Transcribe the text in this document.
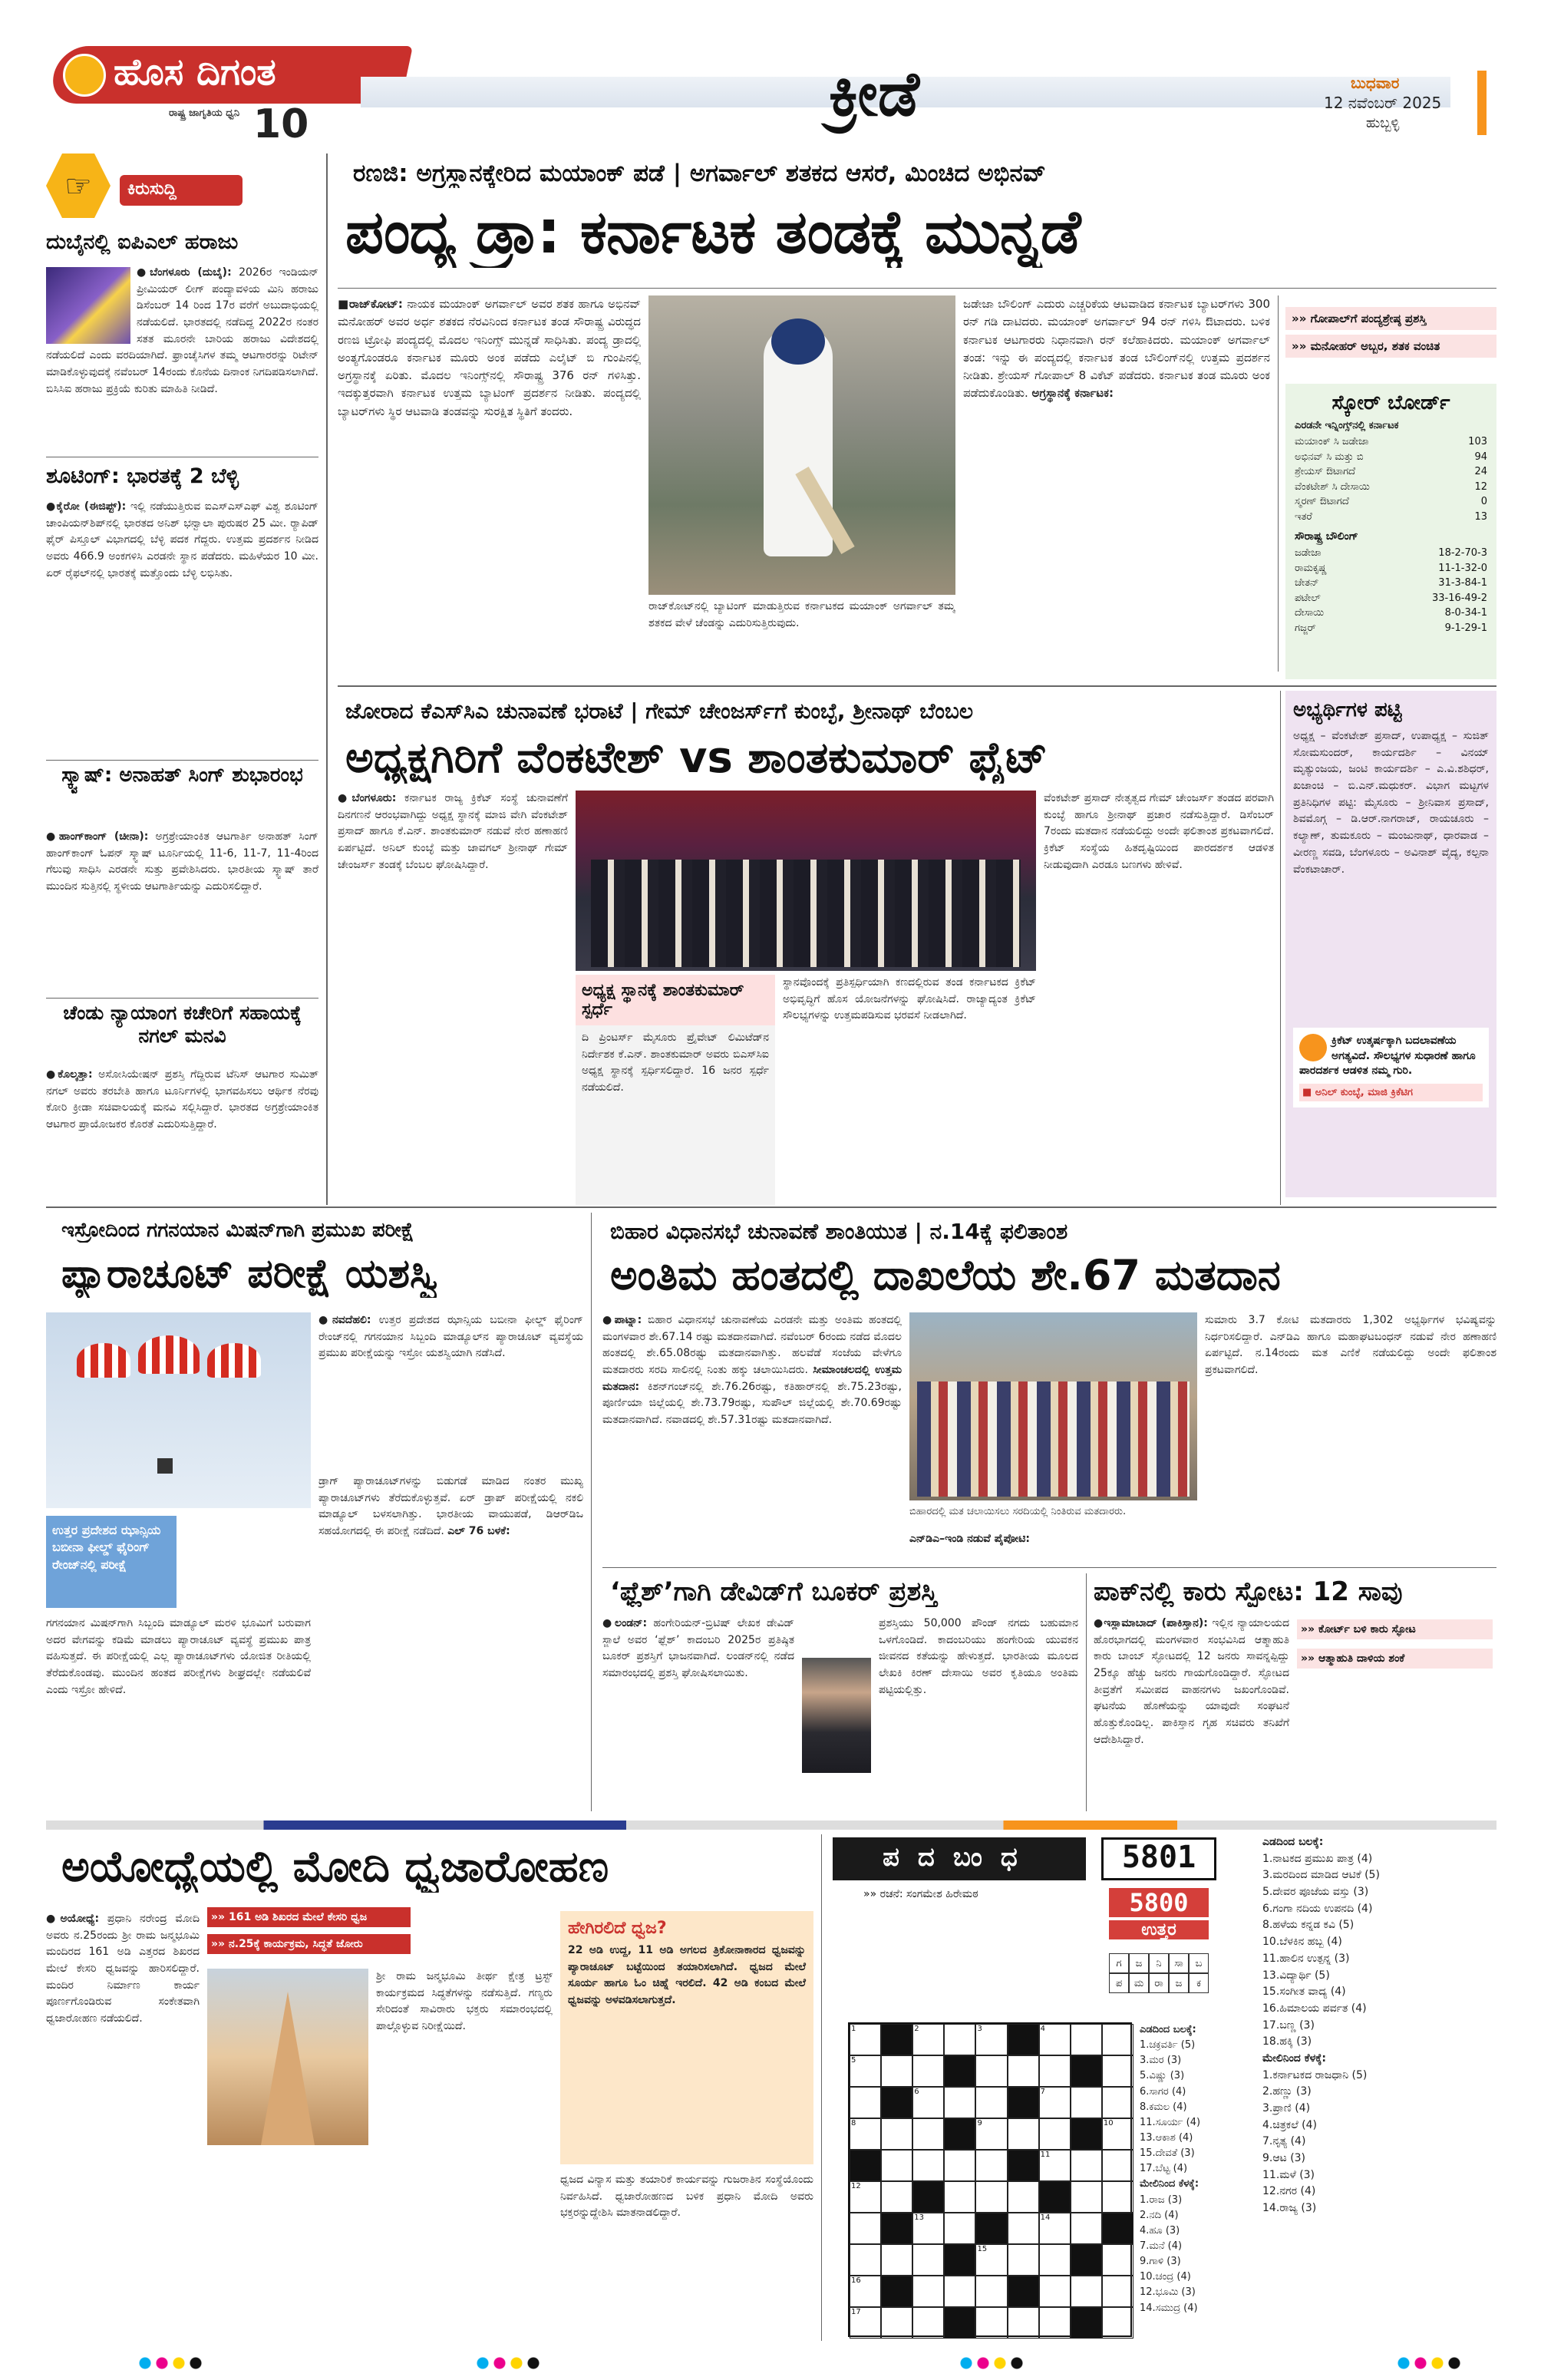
ಹೊಸ ದಿಗಂತ
ರಾಷ್ಟ್ರ ಜಾಗೃತಿಯ ಧ್ವನಿ 10	ಕ್ರೀಡೆ	ಬುಧವಾರ
12 ನವೆಂಬರ್ 2025
ಹುಬ್ಬಳ್ಳಿ
☞	ಕಿರುಸುದ್ದಿ
ದುಬೈನಲ್ಲಿ ಐಪಿಎಲ್ ಹರಾಜು
●ಬೆಂಗಳೂರು (ದುಬೈ): 2026ರ ಇಂಡಿಯನ್ ಪ್ರೀಮಿಯರ್ ಲೀಗ್ ಪಂದ್ಯಾವಳಿಯ ಮಿನಿ ಹರಾಜು ಡಿಸೆಂಬರ್ 14 ರಿಂದ 17ರ ವರೆಗೆ ಅಬುದಾಭಿಯಲ್ಲಿ ನಡೆಯಲಿದೆ. ಭಾರತದಲ್ಲಿ ನಡೆದಿದ್ದ 2022ರ ನಂತರ ಸತತ ಮೂರನೇ ಬಾರಿಯ ಹರಾಜು ವಿದೇಶದಲ್ಲಿ ನಡೆಯಲಿದೆ ಎಂದು ವರದಿಯಾಗಿದೆ. ಫ್ರಾಂಚೈಸಿಗಳ ತಮ್ಮ ಆಟಗಾರರನ್ನು ರಿಟೇನ್ ಮಾಡಿಕೊಳ್ಳುವುದಕ್ಕೆ ನವೆಂಬರ್ 14ರಂದು ಕೊನೆಯ ದಿನಾಂಕ ನಿಗದಿಪಡಿಸಲಾಗಿದೆ. ಬಿಸಿಸಿಐ ಹರಾಜು ಪ್ರಕ್ರಿಯೆ ಕುರಿತು ಮಾಹಿತಿ ನೀಡಿದೆ.
ಶೂಟಿಂಗ್: ಭಾರತಕ್ಕೆ 2 ಬೆಳ್ಳಿ
●ಕೈರೋ (ಈಜಿಪ್ಟ್): ಇಲ್ಲಿ ನಡೆಯುತ್ತಿರುವ ಐಎಸ್‌ಎಸ್‌ಎಫ್ ವಿಶ್ವ ಶೂಟಿಂಗ್ ಚಾಂಪಿಯನ್‌ಶಿಪ್‌ನಲ್ಲಿ ಭಾರತದ ಅನಿಶ್ ಭನ್ವಾಲಾ ಪುರುಷರ 25 ಮೀ. ರ‍್ಯಾಪಿಡ್ ಫೈರ್ ಪಿಸ್ತೂಲ್ ವಿಭಾಗದಲ್ಲಿ ಬೆಳ್ಳಿ ಪದಕ ಗೆದ್ದರು. ಉತ್ತಮ ಪ್ರದರ್ಶನ ನೀಡಿದ ಅವರು 466.9 ಅಂಕಗಳಿಸಿ ಎರಡನೇ ಸ್ಥಾನ ಪಡೆದರು. ಮಹಿಳೆಯರ 10 ಮೀ. ಏರ್ ರೈಫಲ್‌ನಲ್ಲಿ ಭಾರತಕ್ಕೆ ಮತ್ತೊಂದು ಬೆಳ್ಳಿ ಲಭಿಸಿತು.
ಸ್ಕ್ವಾಷ್: ಅನಾಹತ್ ಸಿಂಗ್ ಶುಭಾರಂಭ
●ಹಾಂಗ್‌ಕಾಂಗ್ (ಚೀನಾ): ಅಗ್ರಶ್ರೇಯಾಂಕಿತ ಆಟಗಾರ್ತಿ ಅನಾಹತ್ ಸಿಂಗ್ ಹಾಂಗ್‌ಕಾಂಗ್ ಓಪನ್ ಸ್ಕ್ವಾಷ್ ಟೂರ್ನಿಯಲ್ಲಿ 11-6, 11-7, 11-4ರಿಂದ ಗೆಲುವು ಸಾಧಿಸಿ ಎರಡನೇ ಸುತ್ತು ಪ್ರವೇಶಿಸಿದರು. ಭಾರತೀಯ ಸ್ಕ್ವಾಷ್ ತಾರೆ ಮುಂದಿನ ಸುತ್ತಿನಲ್ಲಿ ಸ್ಥಳೀಯ ಆಟಗಾರ್ತಿಯನ್ನು ಎದುರಿಸಲಿದ್ದಾರೆ.
ಚೆಂಡು ನ್ಯಾಯಾಂಗ ಕಚೇರಿಗೆ ಸಹಾಯಕ್ಕೆ ನಗಲ್ ಮನವಿ
●ಕೊಲ್ಕತ್ತಾ: ಅಸೋಸಿಯೇಷನ್ ಪ್ರಶಸ್ತಿ ಗೆದ್ದಿರುವ ಟೆನಿಸ್ ಆಟಗಾರ ಸುಮಿತ್ ನಗಲ್ ಅವರು ತರಬೇತಿ ಹಾಗೂ ಟೂರ್ನಿಗಳಲ್ಲಿ ಭಾಗವಹಿಸಲು ಆರ್ಥಿಕ ನೆರವು ಕೋರಿ ಕ್ರೀಡಾ ಸಚಿವಾಲಯಕ್ಕೆ ಮನವಿ ಸಲ್ಲಿಸಿದ್ದಾರೆ. ಭಾರತದ ಅಗ್ರಶ್ರೇಯಾಂಕಿತ ಆಟಗಾರ ಪ್ರಾಯೋಜಕರ ಕೊರತೆ ಎದುರಿಸುತ್ತಿದ್ದಾರೆ.
ರಣಜಿ: ಅಗ್ರಸ್ಥಾನಕ್ಕೇರಿದ ಮಯಾಂಕ್ ಪಡೆ | ಅಗರ್ವಾಲ್ ಶತಕದ ಆಸರೆ, ಮಿಂಚಿದ ಅಭಿನವ್
ಪಂದ್ಯ ಡ್ರಾ: ಕರ್ನಾಟಕ ತಂಡಕ್ಕೆ ಮುನ್ನಡೆ
■ರಾಜ್‌ಕೋಟ್: ನಾಯಕ ಮಯಾಂಕ್ ಅಗರ್ವಾಲ್ ಅವರ ಶತಕ ಹಾಗೂ ಅಭಿನವ್ ಮನೋಹರ್ ಅವರ ಅರ್ಧ ಶತಕದ ನೆರವಿನಿಂದ ಕರ್ನಾಟಕ ತಂಡ ಸೌರಾಷ್ಟ್ರ ವಿರುದ್ಧದ ರಣಜಿ ಟ್ರೋಫಿ ಪಂದ್ಯದಲ್ಲಿ ಮೊದಲ ಇನಿಂಗ್ಸ್ ಮುನ್ನಡೆ ಸಾಧಿಸಿತು. ಪಂದ್ಯ ಡ್ರಾದಲ್ಲಿ ಅಂತ್ಯಗೊಂಡರೂ ಕರ್ನಾಟಕ ಮೂರು ಅಂಕ ಪಡೆದು ಎಲೈಟ್ ಬಿ ಗುಂಪಿನಲ್ಲಿ ಅಗ್ರಸ್ಥಾನಕ್ಕೆ ಏರಿತು. ಮೊದಲ ಇನಿಂಗ್ಸ್‌ನಲ್ಲಿ ಸೌರಾಷ್ಟ್ರ 376 ರನ್ ಗಳಿಸಿತ್ತು. ಇದಕ್ಕುತ್ತರವಾಗಿ ಕರ್ನಾಟಕ ಉತ್ತಮ ಬ್ಯಾಟಿಂಗ್ ಪ್ರದರ್ಶನ ನೀಡಿತು. ಪಂದ್ಯದಲ್ಲಿ ಬ್ಯಾಟರ್‌ಗಳು ಸ್ಥಿರ ಆಟವಾಡಿ ತಂಡವನ್ನು ಸುರಕ್ಷಿತ ಸ್ಥಿತಿಗೆ ತಂದರು.
ರಾಜ್‌ಕೋಟ್‌ನಲ್ಲಿ ಬ್ಯಾಟಿಂಗ್ ಮಾಡುತ್ತಿರುವ ಕರ್ನಾಟಕದ ಮಯಾಂಕ್ ಅಗರ್ವಾಲ್ ತಮ್ಮ ಶತಕದ ವೇಳೆ ಚೆಂಡನ್ನು ಎದುರಿಸುತ್ತಿರುವುದು.
ಜಡೇಜಾ ಬೌಲಿಂಗ್ ಎದುರು ಎಚ್ಚರಿಕೆಯ ಆಟವಾಡಿದ ಕರ್ನಾಟಕ ಬ್ಯಾಟರ್‌ಗಳು 300 ರನ್ ಗಡಿ ದಾಟಿದರು. ಮಯಾಂಕ್ ಅಗರ್ವಾಲ್ 94 ರನ್ ಗಳಿಸಿ ಔಟಾದರು. ಬಳಿಕ ಕರ್ನಾಟಕ ಆಟಗಾರರು ನಿಧಾನವಾಗಿ ರನ್ ಕಲೆಹಾಕಿದರು. ಮಯಾಂಕ್ ಅಗರ್ವಾಲ್ ತಂಡ: ಇನ್ನು ಈ ಪಂದ್ಯದಲ್ಲಿ ಕರ್ನಾಟಕ ತಂಡ ಬೌಲಿಂಗ್‌ನಲ್ಲಿ ಉತ್ತಮ ಪ್ರದರ್ಶನ ನೀಡಿತು. ಶ್ರೇಯಸ್ ಗೋಪಾಲ್ 8 ವಿಕೆಟ್ ಪಡೆದರು. ಕರ್ನಾಟಕ ತಂಡ ಮೂರು ಅಂಕ ಪಡೆದುಕೊಂಡಿತು. ಅಗ್ರಸ್ಥಾನಕ್ಕೆ ಕರ್ನಾಟಕ:
»» ಗೋಪಾಲ್‌ಗೆ ಪಂದ್ಯಶ್ರೇಷ್ಠ ಪ್ರಶಸ್ತಿ
»» ಮನೋಹರ್ ಅಬ್ಬರ, ಶತಕ ವಂಚಿತ
ಸ್ಕೋರ್ ಬೋರ್ಡ್
ಎರಡನೇ ಇನ್ನಿಂಗ್ಸ್‌ನಲ್ಲಿ ಕರ್ನಾಟಕ
ಮಯಾಂಕ್ ಸಿ ಜಡೇಜಾ	103
ಅಭಿನವ್ ಸಿ ಮತ್ತು ಬಿ	94
ಶ್ರೇಯಸ್ ಔಟಾಗದೆ	24
ವೆಂಕಟೇಶ್ ಸಿ ದೇಸಾಯಿ	12
ಸ್ಮರಣ್ ಔಟಾಗದೆ	0
ಇತರೆ	13
ಸೌರಾಷ್ಟ್ರ ಬೌಲಿಂಗ್
ಜಡೇಜಾ	18-2-70-3
ರಾಮಕೃಷ್ಣ	11-1-32-0
ಚೇತನ್	31-3-84-1
ಪಟೇಲ್	33-16-49-2
ದೇಸಾಯಿ	8-0-34-1
ಗಜ್ಜರ್	9-1-29-1
ಜೋರಾದ ಕೆಎಸ್‌ಸಿಎ ಚುನಾವಣೆ ಭರಾಟೆ | ಗೇಮ್ ಚೇಂಜರ್ಸ್‌ಗೆ ಕುಂಬ್ಳೆ, ಶ್ರೀನಾಥ್ ಬೆಂಬಲ
ಅಧ್ಯಕ್ಷಗಿರಿಗೆ ವೆಂಕಟೇಶ್ vs ಶಾಂತಕುಮಾರ್ ಫೈಟ್
●ಬೆಂಗಳೂರು: ಕರ್ನಾಟಕ ರಾಜ್ಯ ಕ್ರಿಕೆಟ್ ಸಂಸ್ಥೆ ಚುನಾವಣೆಗೆ ದಿನಗಣನೆ ಆರಂಭವಾಗಿದ್ದು ಅಧ್ಯಕ್ಷ ಸ್ಥಾನಕ್ಕೆ ಮಾಜಿ ವೇಗಿ ವೆಂಕಟೇಶ್ ಪ್ರಸಾದ್ ಹಾಗೂ ಕೆ.ಎನ್. ಶಾಂತಕುಮಾರ್ ನಡುವೆ ನೇರ ಹಣಾಹಣಿ ಏರ್ಪಟ್ಟಿದೆ. ಅನಿಲ್ ಕುಂಬ್ಳೆ ಮತ್ತು ಜಾವಗಲ್ ಶ್ರೀನಾಥ್ ಗೇಮ್ ಚೇಂಜರ್ಸ್ ತಂಡಕ್ಕೆ ಬೆಂಬಲ ಘೋಷಿಸಿದ್ದಾರೆ.
ಅಧ್ಯಕ್ಷ ಸ್ಥಾನಕ್ಕೆ ಶಾಂತಕುಮಾರ್ ಸ್ಪರ್ಧೆ
ದಿ ಪ್ರಿಂಟರ್ಸ್ ಮೈಸೂರು ಪ್ರೈವೇಟ್ ಲಿಮಿಟೆಡ್‌ನ ನಿರ್ದೇಶಕ ಕೆ.ಎನ್. ಶಾಂತಕುಮಾರ್ ಅವರು ಬಿಎಸ್‌ಸಿಐ ಅಧ್ಯಕ್ಷ ಸ್ಥಾನಕ್ಕೆ ಸ್ಪರ್ಧಿಸಲಿದ್ದಾರೆ. 16 ಜನರ ಸ್ಪರ್ಧೆ ನಡೆಯಲಿದೆ.
ಸ್ಥಾನವೊಂದಕ್ಕೆ ಪ್ರತಿಸ್ಪರ್ಧಿಯಾಗಿ ಕಣದಲ್ಲಿರುವ ತಂಡ ಕರ್ನಾಟಕದ ಕ್ರಿಕೆಟ್ ಅಭಿವೃದ್ಧಿಗೆ ಹೊಸ ಯೋಜನೆಗಳನ್ನು ಘೋಷಿಸಿದೆ. ರಾಜ್ಯಾದ್ಯಂತ ಕ್ರಿಕೆಟ್ ಸೌಲಭ್ಯಗಳನ್ನು ಉತ್ತಮಪಡಿಸುವ ಭರವಸೆ ನೀಡಲಾಗಿದೆ.
ವೆಂಕಟೇಶ್ ಪ್ರಸಾದ್ ನೇತೃತ್ವದ ಗೇಮ್ ಚೇಂಜರ್ಸ್ ತಂಡದ ಪರವಾಗಿ ಕುಂಬ್ಳೆ ಹಾಗೂ ಶ್ರೀನಾಥ್ ಪ್ರಚಾರ ನಡೆಸುತ್ತಿದ್ದಾರೆ. ಡಿಸೆಂಬರ್ 7ರಂದು ಮತದಾನ ನಡೆಯಲಿದ್ದು ಅಂದೇ ಫಲಿತಾಂಶ ಪ್ರಕಟವಾಗಲಿದೆ. ಕ್ರಿಕೆಟ್ ಸಂಸ್ಥೆಯ ಹಿತದೃಷ್ಟಿಯಿಂದ ಪಾರದರ್ಶಕ ಆಡಳಿತ ನೀಡುವುದಾಗಿ ಎರಡೂ ಬಣಗಳು ಹೇಳಿವೆ.
ಅಭ್ಯರ್ಥಿಗಳ ಪಟ್ಟಿ
ಅಧ್ಯಕ್ಷ – ವೆಂಕಟೇಶ್ ಪ್ರಸಾದ್, ಉಪಾಧ್ಯಕ್ಷ – ಸುಜಿತ್ ಸೋಮಸುಂದರ್, ಕಾರ್ಯದರ್ಶಿ – ವಿನಯ್ ಮೃತ್ಯುಂಜಯ, ಜಂಟಿ ಕಾರ್ಯದರ್ಶಿ – ಎ.ವಿ.ಶಶಿಧರ್, ಖಜಾಂಚಿ – ಬಿ.ಎನ್.ಮಧುಕರ್. ವಿಭಾಗ ಮಟ್ಟಗಳ ಪ್ರತಿನಿಧಿಗಳ ಪಟ್ಟಿ: ಮೈಸೂರು – ಶ್ರೀನಿವಾಸ ಪ್ರಸಾದ್, ಶಿವಮೊಗ್ಗ – ಡಿ.ಆರ್.ನಾಗರಾಜ್, ರಾಯಚೂರು – ಕಲ್ಯಾಣ್, ತುಮಕೂರು – ಮಂಜುನಾಥ್, ಧಾರವಾಡ – ವೀರಣ್ಣ ಸವಡಿ, ಬೆಂಗಳೂರು – ಅವಿನಾಶ್ ವೈದ್ಯ, ಕಲ್ಪನಾ ವೆಂಕಟಾಚಾರ್.
ಕ್ರಿಕೆಟ್ ಉತ್ಕರ್ಷಕ್ಕಾಗಿ ಬದಲಾವಣೆಯ ಅಗತ್ಯವಿದೆ. ಸೌಲಭ್ಯಗಳ ಸುಧಾರಣೆ ಹಾಗೂ ಪಾರದರ್ಶಕ ಆಡಳಿತ ನಮ್ಮ ಗುರಿ.
■ ಅನಿಲ್ ಕುಂಬ್ಳೆ, ಮಾಜಿ ಕ್ರಿಕೆಟಿಗ
ಇಸ್ರೋದಿಂದ ಗಗನಯಾನ ಮಿಷನ್‌ಗಾಗಿ ಪ್ರಮುಖ ಪರೀಕ್ಷೆ
ಪ್ಯಾರಾಚೂಟ್ ಪರೀಕ್ಷೆ ಯಶಸ್ವಿ
●ನವದೆಹಲಿ: ಉತ್ತರ ಪ್ರದೇಶದ ಝಾನ್ಸಿಯ ಬಬೀನಾ ಫೀಲ್ಡ್ ಫೈರಿಂಗ್ ರೇಂಜ್‌ನಲ್ಲಿ ಗಗನಯಾನ ಸಿಬ್ಬಂದಿ ಮಾಡ್ಯೂಲ್‌ನ ಪ್ಯಾರಾಚೂಟ್ ವ್ಯವಸ್ಥೆಯ ಪ್ರಮುಖ ಪರೀಕ್ಷೆಯನ್ನು ಇಸ್ರೋ ಯಶಸ್ವಿಯಾಗಿ ನಡೆಸಿದೆ.
ಉತ್ತರ ಪ್ರದೇಶದ ಝಾನ್ಸಿಯ ಬಬೀನಾ ಫೀಲ್ಡ್ ಫೈರಿಂಗ್ ರೇಂಜ್‌ನಲ್ಲಿ ಪರೀಕ್ಷೆ
ಗಗನಯಾನ ಮಿಷನ್‌ಗಾಗಿ ಸಿಬ್ಬಂದಿ ಮಾಡ್ಯೂಲ್ ಮರಳಿ ಭೂಮಿಗೆ ಬರುವಾಗ ಅದರ ವೇಗವನ್ನು ಕಡಿಮೆ ಮಾಡಲು ಪ್ಯಾರಾಚೂಟ್ ವ್ಯವಸ್ಥೆ ಪ್ರಮುಖ ಪಾತ್ರ ವಹಿಸುತ್ತದೆ. ಈ ಪರೀಕ್ಷೆಯಲ್ಲಿ ಎಲ್ಲ ಪ್ಯಾರಾಚೂಟ್‌ಗಳು ಯೋಜಿತ ರೀತಿಯಲ್ಲಿ ತೆರೆದುಕೊಂಡವು. ಮುಂದಿನ ಹಂತದ ಪರೀಕ್ಷೆಗಳು ಶೀಘ್ರದಲ್ಲೇ ನಡೆಯಲಿವೆ ಎಂದು ಇಸ್ರೋ ಹೇಳಿದೆ.
ಡ್ರಾಗ್ ಪ್ಯಾರಾಚೂಟ್‌ಗಳನ್ನು ಬಿಡುಗಡೆ ಮಾಡಿದ ನಂತರ ಮುಖ್ಯ ಪ್ಯಾರಾಚೂಟ್‌ಗಳು ತೆರೆದುಕೊಳ್ಳುತ್ತವೆ. ಏರ್ ಡ್ರಾಪ್ ಪರೀಕ್ಷೆಯಲ್ಲಿ ನಕಲಿ ಮಾಡ್ಯೂಲ್ ಬಳಸಲಾಗಿತ್ತು. ಭಾರತೀಯ ವಾಯುಪಡೆ, ಡಿಆರ್‌ಡಿಒ ಸಹಯೋಗದಲ್ಲಿ ಈ ಪರೀಕ್ಷೆ ನಡೆದಿದೆ. ಎಲ್ 76 ಬಳಕೆ:
ಬಿಹಾರ ವಿಧಾನಸಭೆ ಚುನಾವಣೆ ಶಾಂತಿಯುತ | ನ.14ಕ್ಕೆ ಫಲಿತಾಂಶ
ಅಂತಿಮ ಹಂತದಲ್ಲಿ ದಾಖಲೆಯ ಶೇ.67 ಮತದಾನ
●ಪಾಟ್ನಾ: ಬಿಹಾರ ವಿಧಾನಸಭೆ ಚುನಾವಣೆಯ ಎರಡನೇ ಮತ್ತು ಅಂತಿಮ ಹಂತದಲ್ಲಿ ಮಂಗಳವಾರ ಶೇ.67.14 ರಷ್ಟು ಮತದಾನವಾಗಿದೆ. ನವೆಂಬರ್ 6ರಂದು ನಡೆದ ಮೊದಲ ಹಂತದಲ್ಲಿ ಶೇ.65.08ರಷ್ಟು ಮತದಾನವಾಗಿತ್ತು. ಹಲವೆಡೆ ಸಂಜೆಯ ವೇಳೆಗೂ ಮತದಾರರು ಸರದಿ ಸಾಲಿನಲ್ಲಿ ನಿಂತು ಹಕ್ಕು ಚಲಾಯಿಸಿದರು. ಸೀಮಾಂಚಲದಲ್ಲಿ ಉತ್ತಮ ಮತದಾನ: ಕಿಶನ್‌ಗಂಜ್‌ನಲ್ಲಿ ಶೇ.76.26ರಷ್ಟು, ಕತಿಹಾರ್‌ನಲ್ಲಿ ಶೇ.75.23ರಷ್ಟು, ಪೂರ್ಣಿಯಾ ಜಿಲ್ಲೆಯಲ್ಲಿ ಶೇ.73.79ರಷ್ಟು, ಸುಪೌಲ್ ಜಿಲ್ಲೆಯಲ್ಲಿ ಶೇ.70.69ರಷ್ಟು ಮತದಾನವಾಗಿದೆ. ನವಾಡದಲ್ಲಿ ಶೇ.57.31ರಷ್ಟು ಮತದಾನವಾಗಿದೆ.
ಬಿಹಾರದಲ್ಲಿ ಮತ ಚಲಾಯಿಸಲು ಸರದಿಯಲ್ಲಿ ನಿಂತಿರುವ ಮತದಾರರು.
ಎನ್‌ಡಿಎ–ಇಂಡಿ ನಡುವೆ ಪೈಪೋಟಿ:
ಸುಮಾರು 3.7 ಕೋಟಿ ಮತದಾರರು 1,302 ಅಭ್ಯರ್ಥಿಗಳ ಭವಿಷ್ಯವನ್ನು ನಿರ್ಧರಿಸಲಿದ್ದಾರೆ. ಎನ್‌ಡಿಎ ಹಾಗೂ ಮಹಾಘಟಬಂಧನ್ ನಡುವೆ ನೇರ ಹಣಾಹಣಿ ಏರ್ಪಟ್ಟಿದೆ. ನ.14ರಂದು ಮತ ಎಣಿಕೆ ನಡೆಯಲಿದ್ದು ಅಂದೇ ಫಲಿತಾಂಶ ಪ್ರಕಟವಾಗಲಿದೆ.
‘ಫ್ಲೆಶ್’ಗಾಗಿ ಡೇವಿಡ್‌ಗೆ ಬೂಕರ್ ಪ್ರಶಸ್ತಿ
●ಲಂಡನ್: ಹಂಗೇರಿಯನ್-ಬ್ರಿಟಿಷ್ ಲೇಖಕ ಡೇವಿಡ್ ಸ್ಜಾಲೆ ಅವರ ‘ಫ್ಲೆಶ್’ ಕಾದಂಬರಿ 2025ರ ಪ್ರತಿಷ್ಠಿತ ಬೂಕರ್ ಪ್ರಶಸ್ತಿಗೆ ಭಾಜನವಾಗಿದೆ. ಲಂಡನ್‌ನಲ್ಲಿ ನಡೆದ ಸಮಾರಂಭದಲ್ಲಿ ಪ್ರಶಸ್ತಿ ಘೋಷಿಸಲಾಯಿತು.
ಪ್ರಶಸ್ತಿಯು 50,000 ಪೌಂಡ್ ನಗದು ಬಹುಮಾನ ಒಳಗೊಂಡಿದೆ. ಕಾದಂಬರಿಯು ಹಂಗೇರಿಯ ಯುವಕನ ಜೀವನದ ಕತೆಯನ್ನು ಹೇಳುತ್ತದೆ. ಭಾರತೀಯ ಮೂಲದ ಲೇಖಕಿ ಕಿರಣ್ ದೇಸಾಯಿ ಅವರ ಕೃತಿಯೂ ಅಂತಿಮ ಪಟ್ಟಿಯಲ್ಲಿತ್ತು.
ಪಾಕ್‌ನಲ್ಲಿ ಕಾರು ಸ್ಫೋಟ: 12 ಸಾವು
●ಇಸ್ಲಾಮಾಬಾದ್ (ಪಾಕಿಸ್ತಾನ): ಇಲ್ಲಿನ ನ್ಯಾಯಾಲಯದ ಹೊರಭಾಗದಲ್ಲಿ ಮಂಗಳವಾರ ಸಂಭವಿಸಿದ ಆತ್ಮಾಹುತಿ ಕಾರು ಬಾಂಬ್ ಸ್ಫೋಟದಲ್ಲಿ 12 ಜನರು ಸಾವನ್ನಪ್ಪಿದ್ದು 25ಕ್ಕೂ ಹೆಚ್ಚು ಜನರು ಗಾಯಗೊಂಡಿದ್ದಾರೆ. ಸ್ಫೋಟದ ತೀವ್ರತೆಗೆ ಸಮೀಪದ ವಾಹನಗಳು ಜಖಂಗೊಂಡಿವೆ. ಘಟನೆಯ ಹೊಣೆಯನ್ನು ಯಾವುದೇ ಸಂಘಟನೆ ಹೊತ್ತುಕೊಂಡಿಲ್ಲ. ಪಾಕಿಸ್ತಾನ ಗೃಹ ಸಚಿವರು ತನಿಖೆಗೆ ಆದೇಶಿಸಿದ್ದಾರೆ.
»» ಕೋರ್ಟ್ ಬಳಿ ಕಾರು ಸ್ಫೋಟ
»» ಆತ್ಮಾಹುತಿ ದಾಳಿಯ ಶಂಕೆ
ಅಯೋಧ್ಯೆಯಲ್ಲಿ ಮೋದಿ ಧ್ವಜಾರೋಹಣ
●ಅಯೋಧ್ಯೆ: ಪ್ರಧಾನಿ ನರೇಂದ್ರ ಮೋದಿ ಅವರು ನ.25ರಂದು ಶ್ರೀ ರಾಮ ಜನ್ಮಭೂಮಿ ಮಂದಿರದ 161 ಅಡಿ ಎತ್ತರದ ಶಿಖರದ ಮೇಲೆ ಕೇಸರಿ ಧ್ವಜವನ್ನು ಹಾರಿಸಲಿದ್ದಾರೆ. ಮಂದಿರ ನಿರ್ಮಾಣ ಕಾರ್ಯ ಪೂರ್ಣಗೊಂಡಿರುವ ಸಂಕೇತವಾಗಿ ಧ್ವಜಾರೋಹಣ ನಡೆಯಲಿದೆ.
»» 161 ಅಡಿ ಶಿಖರದ ಮೇಲೆ ಕೇಸರಿ ಧ್ವಜ
»» ನ.25ಕ್ಕೆ ಕಾರ್ಯಕ್ರಮ, ಸಿದ್ಧತೆ ಜೋರು
ಶ್ರೀ ರಾಮ ಜನ್ಮಭೂಮಿ ತೀರ್ಥ ಕ್ಷೇತ್ರ ಟ್ರಸ್ಟ್ ಕಾರ್ಯಕ್ರಮದ ಸಿದ್ಧತೆಗಳನ್ನು ನಡೆಸುತ್ತಿದೆ. ಗಣ್ಯರು ಸೇರಿದಂತೆ ಸಾವಿರಾರು ಭಕ್ತರು ಸಮಾರಂಭದಲ್ಲಿ ಪಾಲ್ಗೊಳ್ಳುವ ನಿರೀಕ್ಷೆಯಿದೆ.
ಹೇಗಿರಲಿದೆ ಧ್ವಜ?
22 ಅಡಿ ಉದ್ದ, 11 ಅಡಿ ಅಗಲದ ತ್ರಿಕೋನಾಕಾರದ ಧ್ವಜವನ್ನು ಪ್ಯಾರಾಚೂಟ್ ಬಟ್ಟೆಯಿಂದ ತಯಾರಿಸಲಾಗಿದೆ. ಧ್ವಜದ ಮೇಲೆ ಸೂರ್ಯ ಹಾಗೂ ಓಂ ಚಿಹ್ನೆ ಇರಲಿದೆ. 42 ಅಡಿ ಕಂಬದ ಮೇಲೆ ಧ್ವಜವನ್ನು ಅಳವಡಿಸಲಾಗುತ್ತದೆ.
ಧ್ವಜದ ವಿನ್ಯಾಸ ಮತ್ತು ತಯಾರಿಕೆ ಕಾರ್ಯವನ್ನು ಗುಜರಾತಿನ ಸಂಸ್ಥೆಯೊಂದು ನಿರ್ವಹಿಸಿದೆ. ಧ್ವಜಾರೋಹಣದ ಬಳಿಕ ಪ್ರಧಾನಿ ಮೋದಿ ಅವರು ಭಕ್ತರನ್ನುದ್ದೇಶಿಸಿ ಮಾತನಾಡಲಿದ್ದಾರೆ.
ಪದಬಂಧ
»» ರಚನೆ: ಸಂಗಮೇಶ ಹಿರೇಮಠ
5801
5800
ಉತ್ತರ
1	2	3	4
5
6	7
8	9	10
11
12
13	14
15
16
17
ಗ	ಜ	ನಿ	ಸಾ	ಬ
ಪ	ಮ	ರಾ	ಜ	ಕ
ಎಡದಿಂದ ಬಲಕ್ಕೆ:
1.ಚಕ್ರವರ್ತಿ (5)
3.ಮರ (3)
5.ವಿಷ್ಣು (3)
6.ಸಾಗರ (4)
8.ಕಮಲ (4)
11.ಸೂರ್ಯ (4)
13.ಆಕಾಶ (4)
15.ದೇವತೆ (3)
17.ಬೆಟ್ಟ (4)
ಮೇಲಿನಿಂದ ಕೆಳಕ್ಕೆ:
1.ರಾಜ (3)
2.ನದಿ (4)
4.ಹೂ (3)
7.ಮನೆ (4)
9.ಗಾಳಿ (3)
10.ಚಂದ್ರ (4)
12.ಭೂಮಿ (3)
14.ಸಮುದ್ರ (4)
ಎಡದಿಂದ ಬಲಕ್ಕೆ:
1.ನಾಟಕದ ಪ್ರಮುಖ ಪಾತ್ರ (4)
3.ಮರದಿಂದ ಮಾಡಿದ ಆಟಿಕೆ (5)
5.ದೇವರ ಪೂಜೆಯ ವಸ್ತು (3)
6.ಗಂಗಾ ನದಿಯ ಉಪನದಿ (4)
8.ಹಳೆಯ ಕನ್ನಡ ಕವಿ (5)
10.ಬೆಳಕಿನ ಹಬ್ಬ (4)
11.ಹಾಲಿನ ಉತ್ಪನ್ನ (3)
13.ವಿದ್ಯಾರ್ಥಿ (5)
15.ಸಂಗೀತ ವಾದ್ಯ (4)
16.ಹಿಮಾಲಯ ಪರ್ವತ (4)
17.ಬಣ್ಣ (3)
18.ಹಕ್ಕಿ (3)
ಮೇಲಿನಿಂದ ಕೆಳಕ್ಕೆ:
1.ಕರ್ನಾಟಕದ ರಾಜಧಾನಿ (5)
2.ಹಣ್ಣು (3)
3.ಪ್ರಾಣಿ (4)
4.ಚಿತ್ರಕಲೆ (4)
7.ನೃತ್ಯ (4)
9.ಆಟ (3)
11.ಮಳೆ (3)
12.ನಗರ (4)
14.ರಾಜ್ಯ (3)
